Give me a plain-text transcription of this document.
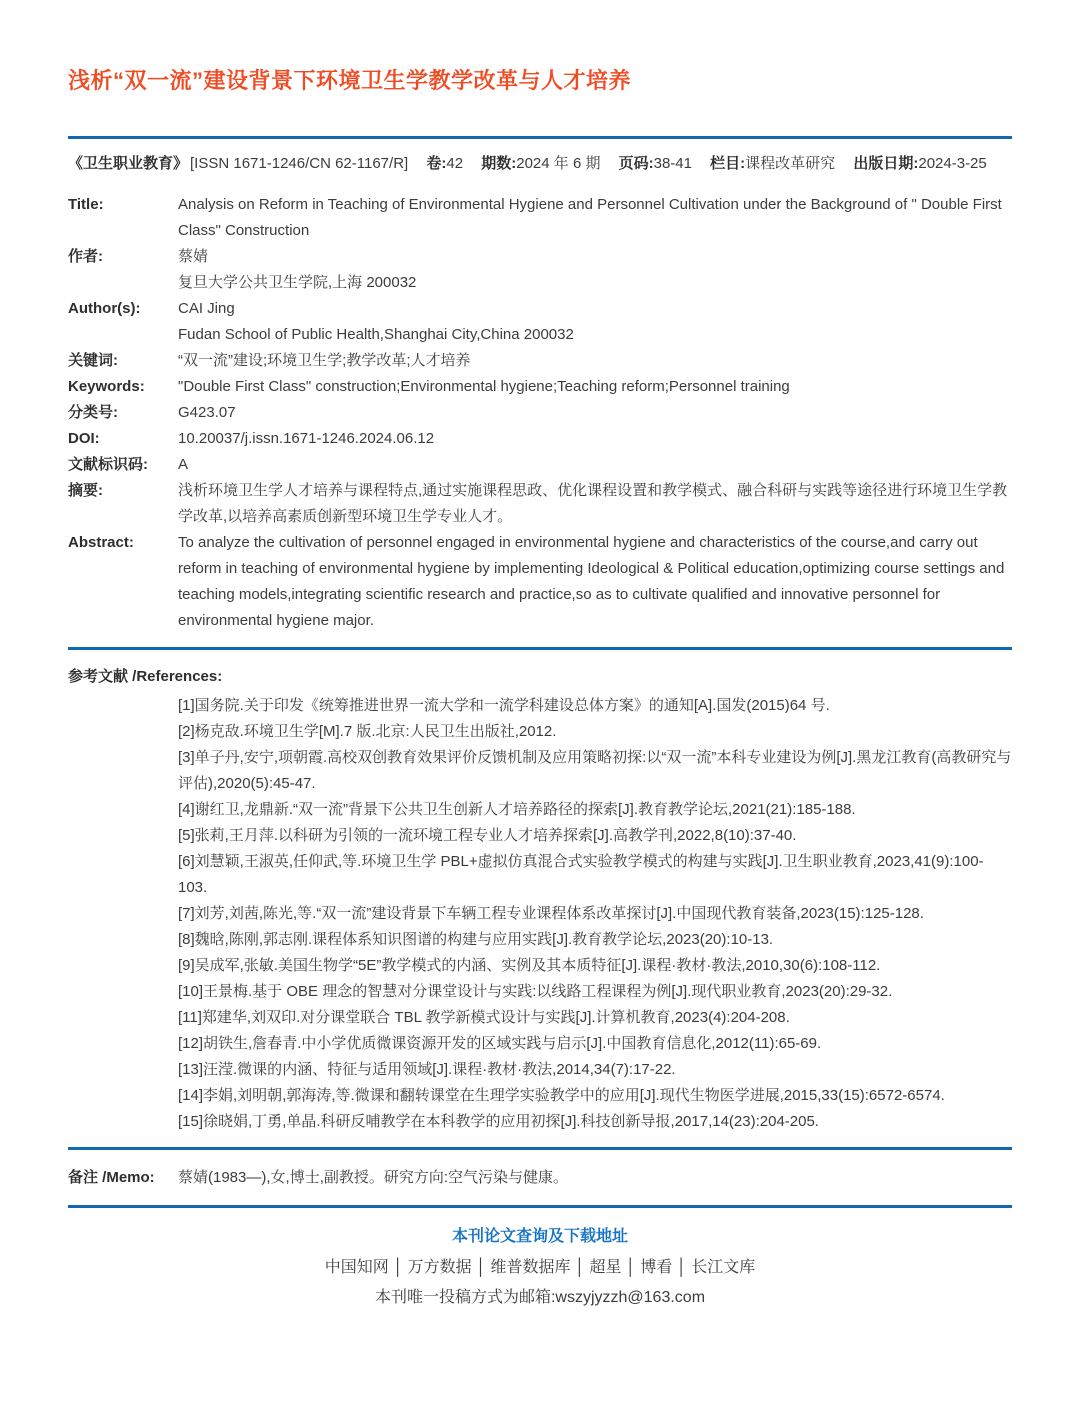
浅析“双一流”建设背景下环境卫生学教学改革与人才培养
《卫生职业教育》 [ISSN 1671-1246/CN 62-1167/R] 卷:42 期数:2024 年 6 期 页码:38-41 栏目:课程改革研究 出版日期:2024-3-25
Title:	Analysis on Reform in Teaching of Environmental Hygiene and Personnel Cultivation under the Background of " Double First Class" Construction
作者:	蔡婧
复旦大学公共卫生学院,上海 200032
Author(s):	CAI Jing
Fudan School of Public Health,Shanghai City,China 200032
关键词:	“双一流”建设;环境卫生学;教学改革;人才培养
Keywords:	"Double First Class" construction;Environmental hygiene;Teaching reform;Personnel training
分类号:	G423.07
DOI:	10.20037/j.issn.1671-1246.2024.06.12
文献标识码:	A
摘要:	浅析环境卫生学人才培养与课程特点,通过实施课程思政、优化课程设置和教学模式、融合科研与实践等途径进行环境卫生学教学改革,以培养高素质创新型环境卫生学专业人才。
Abstract:	To analyze the cultivation of personnel engaged in environmental hygiene and characteristics of the course,and carry out reform in teaching of environmental hygiene by implementing Ideological & Political education,optimizing course settings and teaching models,integrating scientific research and practice,so as to cultivate qualified and innovative personnel for environmental hygiene major.
参考文献 /References:
[1]国务院.关于印发《统筹推进世界一流大学和一流学科建设总体方案》的通知[A].国发(2015)64 号.
[2]杨克敌.环境卫生学[M].7 版.北京:人民卫生出版社,2012.
[3]单子丹,安宁,项朝霞.高校双创教育效果评价反馈机制及应用策略初探:以“双一流”本科专业建设为例[J].黑龙江教育(高教研究与评估),2020(5):45-47.
[4]谢红卫,龙鼎新.“双一流”背景下公共卫生创新人才培养路径的探索[J].教育教学论坛,2021(21):185-188.
[5]张莉,王月萍.以科研为引领的一流环境工程专业人才培养探索[J].高教学刊,2022,8(10):37-40.
[6]刘慧颖,王淑英,任仰武,等.环境卫生学 PBL+虚拟仿真混合式实验教学模式的构建与实践[J].卫生职业教育,2023,41(9):100-103.
[7]刘芳,刘茜,陈光,等.“双一流”建设背景下车辆工程专业课程体系改革探讨[J].中国现代教育装备,2023(15):125-128.
[8]魏晗,陈刚,郭志刚.课程体系知识图谱的构建与应用实践[J].教育教学论坛,2023(20):10-13.
[9]吴成军,张敏.美国生物学“5E”教学模式的内涵、实例及其本质特征[J].课程·教材·教法,2010,30(6):108-112.
[10]王景梅.基于 OBE 理念的智慧对分课堂设计与实践:以线路工程课程为例[J].现代职业教育,2023(20):29-32.
[11]郑建华,刘双印.对分课堂联合 TBL 教学新模式设计与实践[J].计算机教育,2023(4):204-208.
[12]胡铁生,詹春青.中小学优质微课资源开发的区域实践与启示[J].中国教育信息化,2012(11):65-69.
[13]汪滢.微课的内涵、特征与适用领域[J].课程·教材·教法,2014,34(7):17-22.
[14]李娟,刘明朝,郭海涛,等.微课和翻转课堂在生理学实验教学中的应用[J].现代生物医学进展,2015,33(15):6572-6574.
[15]徐晓娟,丁勇,单晶.科研反哺教学在本科教学的应用初探[J].科技创新导报,2017,14(23):204-205.
备注 /Memo:	蔡婧(1983—),女,博士,副教授。研究方向:空气污染与健康。
本刊论文查询及下载地址
中国知网 │ 万方数据 │ 维普数据库 │ 超星 │ 博看 │ 长江文库
本刊唯一投稿方式为邮箱:wszyjyzzh@163.com
